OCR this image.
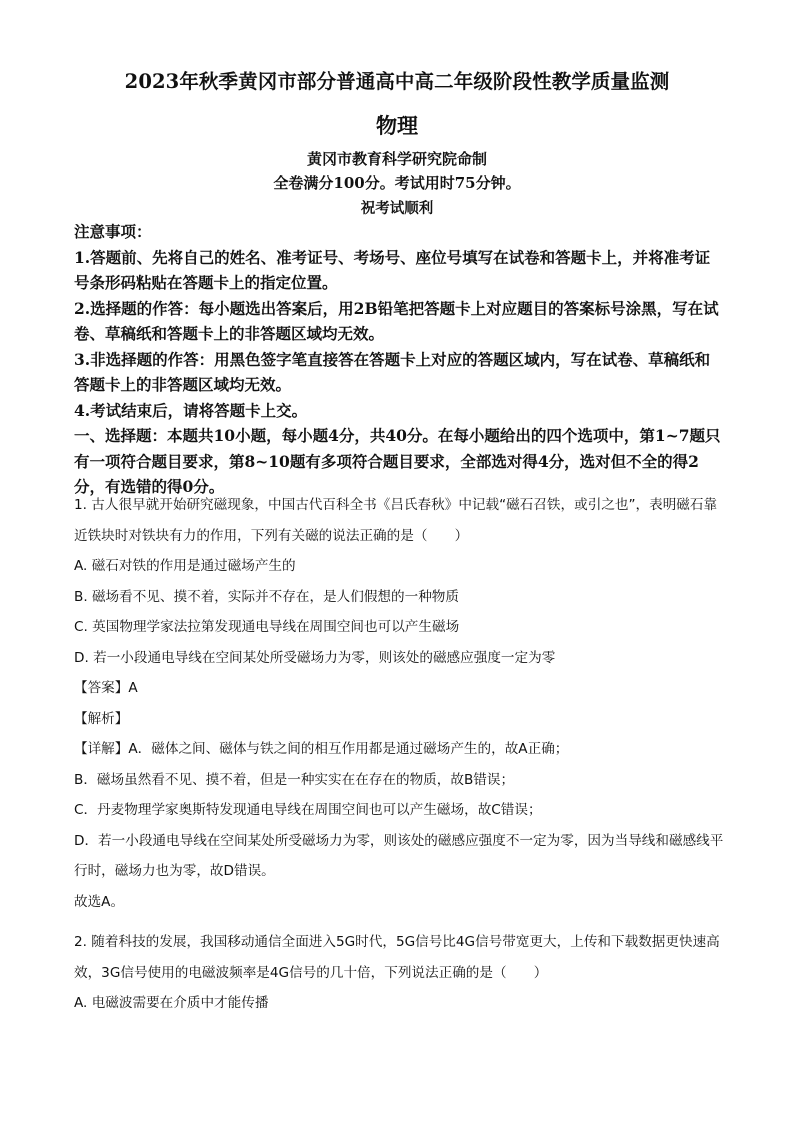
2023年秋季黄冈市部分普通高中高二年级阶段性教学质量监测
物理
黄冈市教育科学研究院命制
全卷满分100分。考试用时75分钟。
祝考试顺利

注意事项：

1.答题前、先将自己的姓名、准考证号、考场号、座位号填写在试卷和答题卡上，并将准考证号条形码粘贴在答题卡上的指定位置。

2.选择题的作答：每小题选出答案后，用2B铅笔把答题卡上对应题目的答案标号涂黑，写在试卷、草稿纸和答题卡上的非答题区域均无效。

3.非选择题的作答：用黑色签字笔直接答在答题卡上对应的答题区域内，写在试卷、草稿纸和答题卡上的非答题区域均无效。

4.考试结束后，请将答题卡上交。

一、选择题：本题共10小题，每小题4分，共40分。在每小题给出的四个选项中，第1~7题只有一项符合题目要求，第8~10题有多项符合题目要求，全部选对得4分，选对但不全的得2分，有选错的得0分。

1. 古人很早就开始研究磁现象，中国古代百科全书《吕氏春秋》中记载“磁石召铁，或引之也”，表明磁石靠近铁块时对铁块有力的作用，下列有关磁的说法正确的是（　　）

A. 磁石对铁的作用是通过磁场产生的

B. 磁场看不见、摸不着，实际并不存在，是人们假想的一种物质

C. 英国物理学家法拉第发现通电导线在周围空间也可以产生磁场

D. 若一小段通电导线在空间某处所受磁场力为零，则该处的磁感应强度一定为零

【答案】A

【解析】

【详解】A．磁体之间、磁体与铁之间的相互作用都是通过磁场产生的，故A正确；

B．磁场虽然看不见、摸不着，但是一种实实在在存在的物质，故B错误；

C．丹麦物理学家奥斯特发现通电导线在周围空间也可以产生磁场，故C错误；

D．若一小段通电导线在空间某处所受磁场力为零，则该处的磁感应强度不一定为零，因为当导线和磁感线平行时，磁场力也为零，故D错误。

故选A。

2. 随着科技的发展，我国移动通信全面进入5G时代，5G信号比4G信号带宽更大，上传和下载数据更快速高效，3G信号使用的电磁波频率是4G信号的几十倍，下列说法正确的是（　　）

A. 电磁波需要在介质中才能传播
